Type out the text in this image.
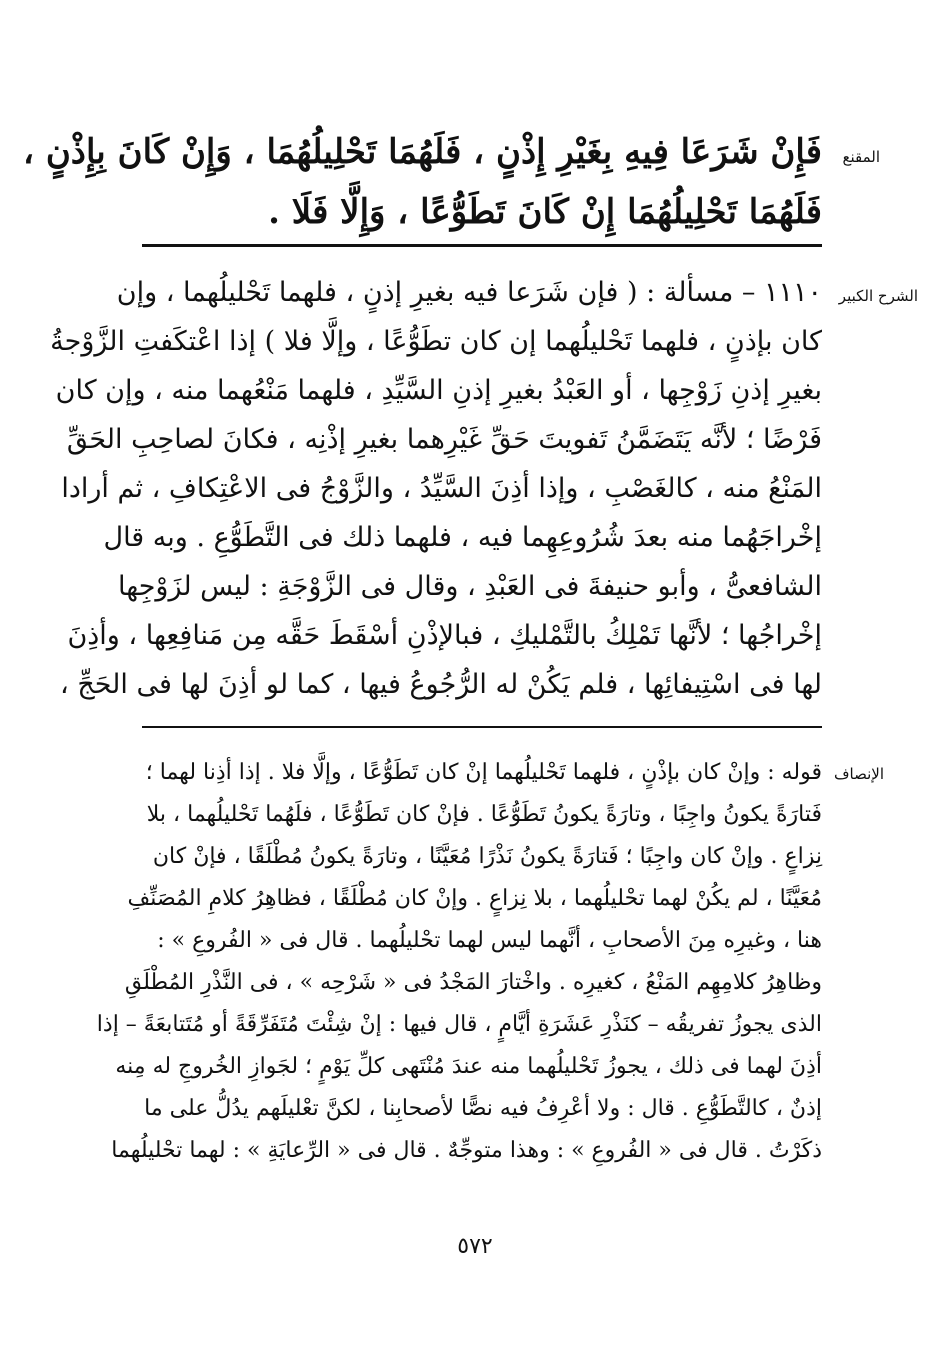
المقنع
فَإِنْ شَرَعَا فِيهِ بِغَيْرِ إِذْنٍ ، فَلَهُمَا تَحْلِيلُهُمَا ، وَإِنْ كَانَ بِإِذْنٍ ،
فَلَهُمَا تَحْلِيلُهُمَا إِنْ كَانَ تَطَوُّعًا ، وَإِلَّا فَلَا .
الشرح الكبير
١١١٠ – مسألة : ( فإن شَرَعا فيه بغيرِ إذنٍ ، فلهما تَحْليلُهما ، وإن
كان بإذنٍ ، فلهما تَحْليلُهما إن كان تطَوُّعًا ، وإلَّا فلا ) إذا اعْتكَفتِ الزَّوْجةُ
بغيرِ إذنِ زَوْجِها ، أو العَبْدُ بغيرِ إذنِ السَّيِّدِ ، فلهما مَنْعُهما منه ، وإن كان
فَرْضًا ؛ لأنَّه يَتَضَمَّنُ تَفويتَ حَقِّ غَيْرِهما بغيرِ إذْنِه ، فكانَ لصاحِبِ الحَقِّ
المَنْعُ منه ، كالغَصْبِ ، وإذا أذِنَ السَّيِّدُ ، والزَّوْجُ فى الاعْتِكافِ ، ثم أرادا
إخْراجَهُما منه بعدَ شُرُوعِهِما فيه ، فلهما ذلك فى التَّطَوُّعِ . وبه قال
الشافعىُّ ، وأبو حنيفةَ فى العَبْدِ ، وقال فى الزَّوْجَةِ : ليس لزَوْجِها
إخْراجُها ؛ لأنَّها تَمْلِكُ بالتَّمْليكِ ، فبالإذْنِ أسْقَطَ حَقَّه مِن مَنافِعِها ، وأذِنَ
لها فى اسْتِيفائِها ، فلم يَكُنْ له الرُّجُوعُ فيها ، كما لو أذِنَ لها فى الحَجِّ ،
الإنصاف
قوله : وإنْ كان بإذْنٍ ، فلهما تَحْليلُهما إنْ كان تَطَوُّعًا ، وإلَّا فلا . إذا أذِنا لهما ؛
فَتارَةً يكونُ واجِبًا ، وتارَةً يكونُ تَطَوُّعًا . فإنْ كان تَطَوُّعًا ، فلَهُما تَحْليلُهما ، بلا
نِزاعٍ . وإنْ كان واجِبًا ؛ فَتارَةً يكونُ نَذْرًا مُعَيَّنًا ، وتارَةً يكونُ مُطْلَقًا ، فإنْ كان
مُعَيَّنًا ، لم يكُنْ لهما تحْليلُهما ، بلا نِزاعٍ . وإنْ كان مُطْلَقًا ، فظاهِرُ كلامِ المُصَنِّفِ
هنا ، وغيرِه مِنَ الأصحابِ ، أنَّهما ليس لهما تحْليلُهما . قال فى « الفُروعِ » :
وظاهِرُ كلامِهِم المَنْعُ ، كغيرِه . واخْتارَ المَجْدُ فى « شَرْحِه » ، فى النَّذْرِ المُطْلَقِ
الذى يجوزُ تفريقُه – كنَذْرِ عَشَرَةِ أيَّامٍ ، قال فيها : إنْ شِئْتَ مُتَفَرِّقَةً أو مُتَتابعَةً – إذا
أذِنَ لهما فى ذلك ، يجوزُ تَحْليلُهما منه عندَ مُنْتَهى كلِّ يَوْمٍ ؛ لجَوازِ الخُروجِ له مِنه
إذنٌ ، كالتَّطَوُّعِ . قال : ولا أعْرِفُ فيه نصًّا لأصحابِنا ، لكنَّ تعْليلَهم يدُلُّ على ما
ذكَرْتُ . قال فى « الفُروعِ » : وهذا متوجِّهٌ . قال فى « الرِّعايَةِ » : لهما تحْليلُهما
٥٧٢
